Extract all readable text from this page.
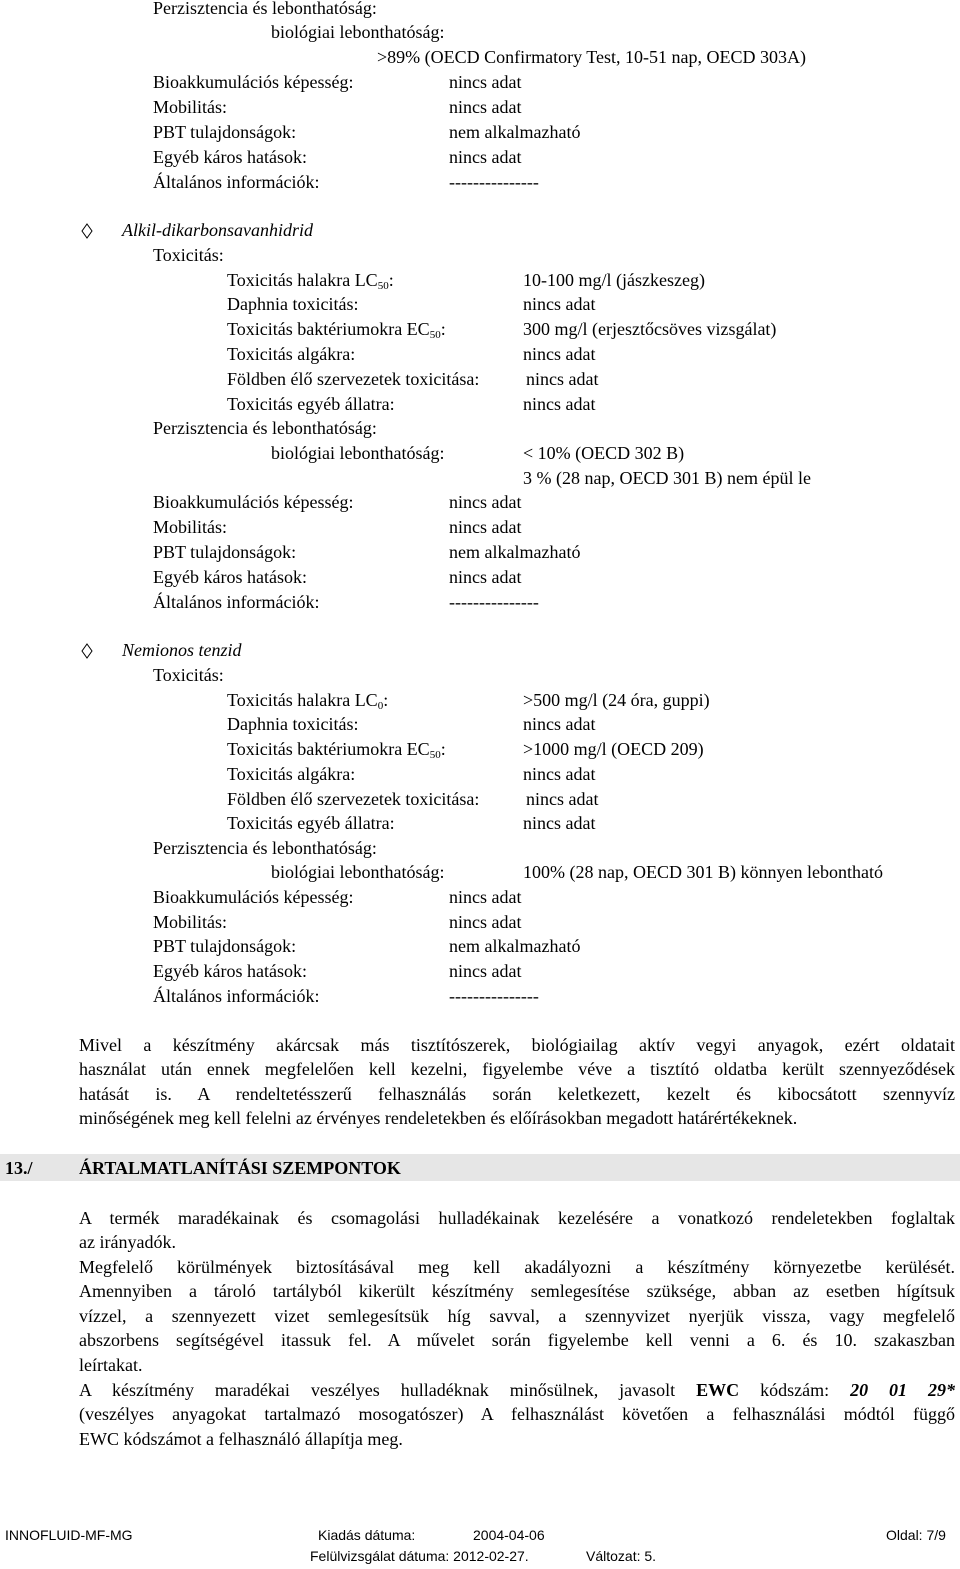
Perzisztencia és lebonthatóság:
biológiai lebonthatóság:
>89% (OECD Confirmatory Test, 10-51 nap, OECD 303A)
Bioakkumulációs képesség:	nincs adat
Mobilitás:	nincs adat
PBT tulajdonságok:	nem alkalmazható
Egyéb káros hatások:	nincs adat
Általános információk:	---------------
Alkil-dikarbonsavanhidrid
Toxicitás:
Toxicitás halakra $LC_{50}$:	10-100 mg/l (jászkeszeg)
Daphnia toxicitás:	nincs adat
Toxicitás baktériumokra $EC_{50}$:	300 mg/l (erjesztőcsöves vizsgálat)
Toxicitás algákra:	nincs adat
Földben élő szervezetek toxicitása:	nincs adat
Toxicitás egyéb állatra:	nincs adat
Perzisztencia és lebonthatóság:
biológiai lebonthatóság:	< 10% (OECD 302 B)
3 % (28 nap, OECD 301 B) nem épül le
Bioakkumulációs képesség:	nincs adat
Mobilitás:	nincs adat
PBT tulajdonságok:	nem alkalmazható
Egyéb káros hatások:	nincs adat
Általános információk:	---------------
Nemionos tenzid
Toxicitás:
Toxicitás halakra $LC_0$:	>500 mg/l (24 óra, guppi)
Daphnia toxicitás:	nincs adat
Toxicitás baktériumokra $EC_{50}$:	>1000 mg/l (OECD 209)
Toxicitás algákra:	nincs adat
Földben élő szervezetek toxicitása:	nincs adat
Toxicitás egyéb állatra:	nincs adat
Perzisztencia és lebonthatóság:
biológiai lebonthatóság:	100% (28 nap, OECD 301 B) könnyen lebontható
Bioakkumulációs képesség:	nincs adat
Mobilitás:	nincs adat
PBT tulajdonságok:	nem alkalmazható
Egyéb káros hatások:	nincs adat
Általános információk:	---------------
Mivel a készítmény akárcsak más tisztítószerek, biológiailag aktív vegyi anyagok, ezért oldatait
használat után ennek megfelelően kell kezelni, figyelembe véve a tisztító oldatba került szennyeződések
hatását is. A rendeltetésszerű felhasználás során keletkezett, kezelt és kibocsátott szennyvíz
minőségének meg kell felelni az érvényes rendeletekben és előírásokban megadott határértékeknek.
13./	ÁRTALMATLANÍTÁSI SZEMPONTOK
A termék maradékainak és csomagolási hulladékainak kezelésére a vonatkozó rendeletekben foglaltak
az irányadók.
Megfelelő körülmények biztosításával meg kell akadályozni a készítmény környezetbe kerülését.
Amennyiben a tároló tartályból kikerült készítmény semlegesítése szüksége, abban az esetben hígítsuk
vízzel, a szennyezett vizet semlegesítsük híg savval, a szennyvizet nyerjük vissza, vagy megfelelő
abszorbens segítségével itassuk fel. A művelet során figyelembe kell venni a 6. és 10. szakaszban
leírtakat.
A készítmény maradékai veszélyes hulladéknak minősülnek, javasolt EWC kódszám: 20 01 29*
(veszélyes anyagokat tartalmazó mosogatószer) A felhasználást követően a felhasználási módtól függő
EWC kódszámot a felhasználó állapítja meg.
INNOFLUID-MF-MG	Kiadás dátuma:	2004-04-06	Oldal: 7/9
Felülvizsgálat dátuma: 2012-02-27.	Változat: 5.
